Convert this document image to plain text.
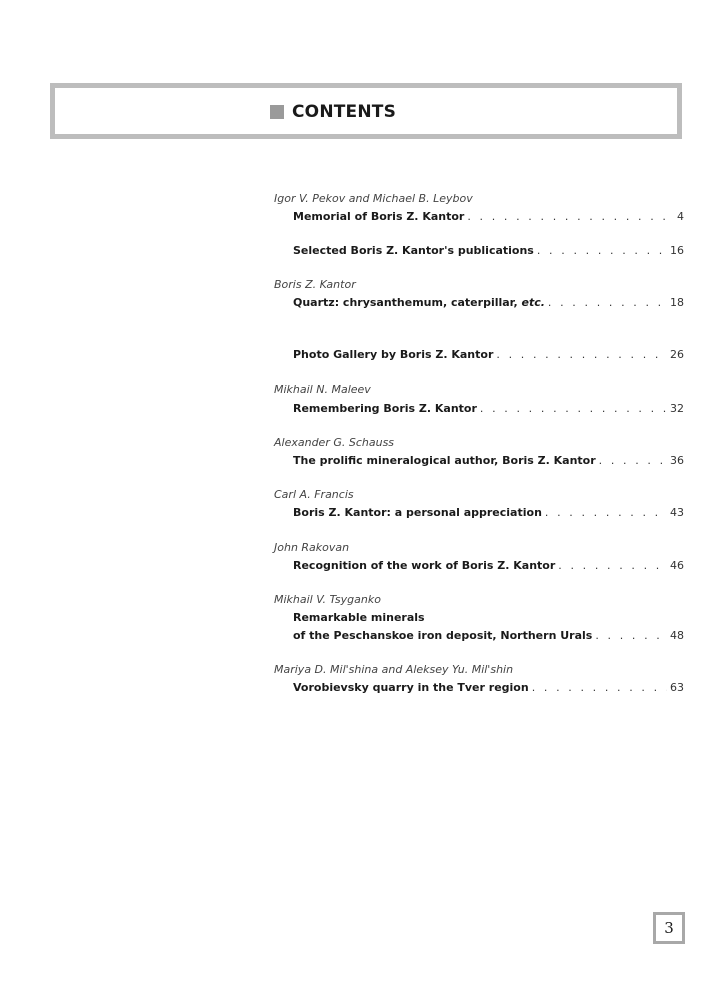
CONTENTS
Igor V. Pekov and Michael B. Leybov
Memorial of Boris Z. Kantor . . .	4
Selected Boris Z. Kantor's publications . . .	16
Boris Z. Kantor
Quartz: chrysanthemum, caterpillar, etc. . . .	18
Photo Gallery by Boris Z. Kantor . . .	26
Mikhail N. Maleev
Remembering Boris Z. Kantor . . .	32
Alexander G. Schauss
The prolific mineralogical author, Boris Z. Kantor . . .	36
Carl A. Francis
Boris Z. Kantor: a personal appreciation . . .	43
John Rakovan
Recognition of the work of Boris Z. Kantor . . .	46
Mikhail V. Tsyganko
Remarkable minerals
of the Peschanskoe iron deposit, Northern Urals . . .	48
Mariya D. Mil'shina and Aleksey Yu. Mil'shin
Vorobievsky quarry in the Tver region . . .	63
3
